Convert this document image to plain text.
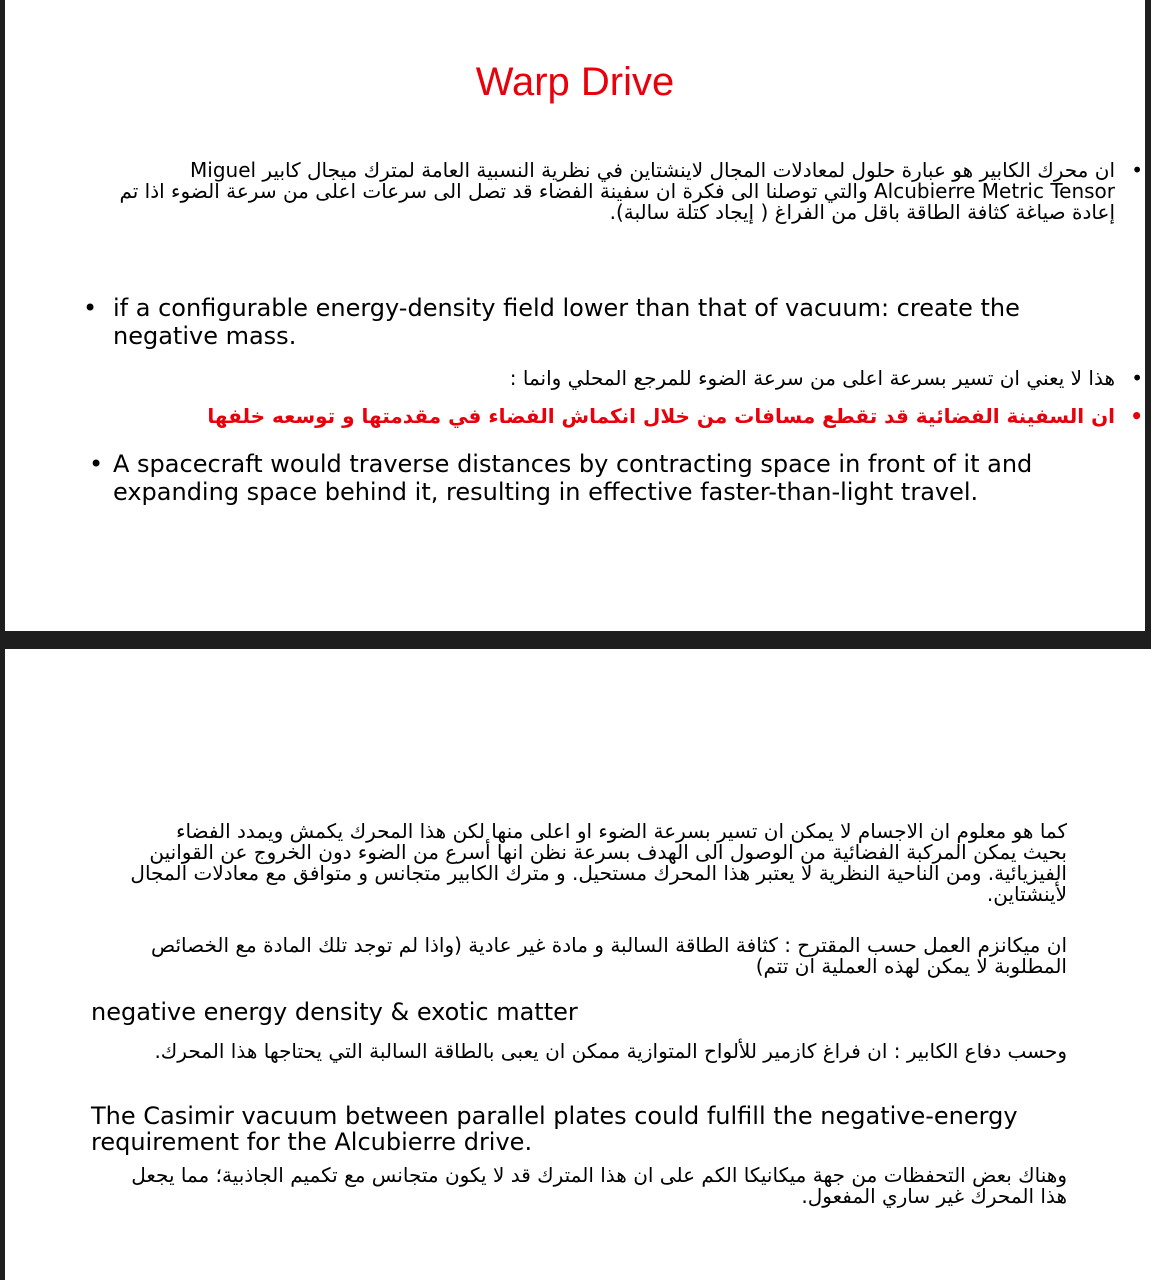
Warp Drive
•
ان محرك الكابير هو عبارة حلول لمعادلات المجال لاينشتاين في نظرية النسبية العامة لمترك ميجال كابير Miguel Alcubierre Metric Tensor والتي توصلنا الى فكرة ان سفينة الفضاء قد تصل الى سرعات اعلى من سرعة الضوء اذا تم إعادة صياغة كثافة الطاقة باقل من الفراغ ( إيجاد كتلة سالبة).
• if a configurable energy-density field lower than that of vacuum: create the negative mass.
•
هذا لا يعني ان تسير بسرعة اعلى من سرعة الضوء للمرجع المحلي وانما :
•
ان السفينة الفضائية قد تقطع مسافات من خلال انكماش الفضاء في مقدمتها و توسعه خلفها
• A spacecraft would traverse distances by contracting space in front of it and expanding space behind it, resulting in effective faster-than-light travel.
كما هو معلوم ان الاجسام لا يمكن ان تسير بسرعة الضوء او اعلى منها لكن هذا المحرك يكمش ويمدد الفضاء بحيث يمكن المركبة الفضائية من الوصول الى الهدف بسرعة نظن انها أسرع من الضوء دون الخروج عن القوانين الفيزيائية. ومن الناحية النظرية لا يعتبر هذا المحرك مستحيل. و مترك الكابير متجانس و متوافق مع معادلات المجال لأينشتاين.
ان ميكانزم العمل حسب المقترح : كثافة الطاقة السالبة و مادة غير عادية (واذا لم توجد تلك المادة مع الخصائص المطلوبة لا يمكن لهذه العملية ان تتم)
negative energy density & exotic matter
وحسب دفاع الكابير : ان فراغ كازمير للألواح المتوازية ممكن ان يعبى بالطاقة السالبة التي يحتاجها هذا المحرك.
The Casimir vacuum between parallel plates could fulfill the negative-energy requirement for the Alcubierre drive.
وهناك بعض التحفظات من جهة ميكانيكا الكم على ان هذا المترك قد لا يكون متجانس مع تكميم الجاذبية؛ مما يجعل هذا المحرك غير ساري المفعول.
